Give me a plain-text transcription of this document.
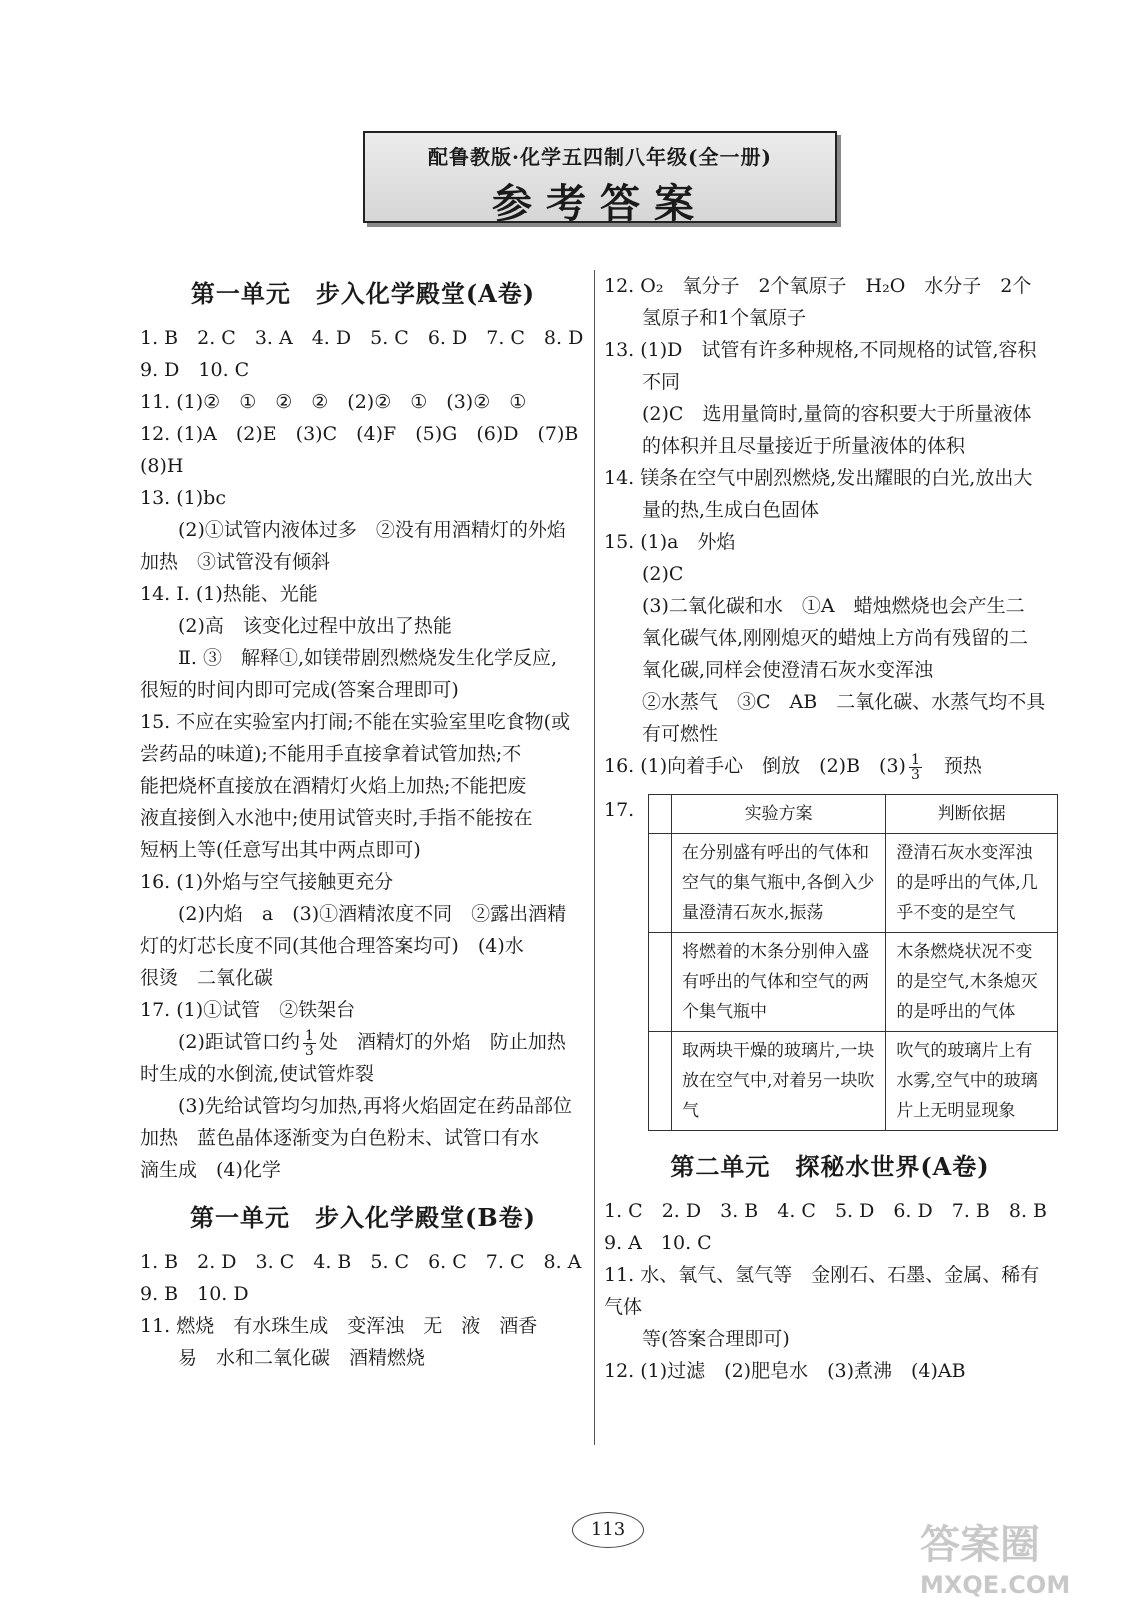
配鲁教版·化学五四制八年级(全一册)
参考答案
第一单元　步入化学殿堂(A卷)
1. B　2. C　3. A　4. D　5. C　6. D　7. C　8. D
9. D　10. C
11. (1)②　①　②　②　(2)②　①　(3)②　①
12. (1)A　(2)E　(3)C　(4)F　(5)G　(6)D　(7)B
(8)H
13. (1)bc
　　(2)①试管内液体过多　②没有用酒精灯的外焰
加热　③试管没有倾斜
14. Ⅰ. (1)热能、光能
　　(2)高　该变化过程中放出了热能
　　Ⅱ. ③　解释①,如镁带剧烈燃烧发生化学反应,
很短的时间内即可完成(答案合理即可)
15. 不应在实验室内打闹;不能在实验室里吃食物(或
尝药品的味道);不能用手直接拿着试管加热;不
能把烧杯直接放在酒精灯火焰上加热;不能把废
液直接倒入水池中;使用试管夹时,手指不能按在
短柄上等(任意写出其中两点即可)
16. (1)外焰与空气接触更充分
　　(2)内焰　a　(3)①酒精浓度不同　②露出酒精
灯的灯芯长度不同(其他合理答案均可)　(4)水
很烫　二氧化碳
17. (1)①试管　②铁架台
　　(2)距试管口约 $\frac{1}{3}$ 处　酒精灯的外焰　防止加热
时生成的水倒流,使试管炸裂
　　(3)先给试管均匀加热,再将火焰固定在药品部位
加热　蓝色晶体逐渐变为白色粉末、试管口有水
滴生成　(4)化学
第一单元　步入化学殿堂(B卷)
1. B　2. D　3. C　4. B　5. C　6. C　7. C　8. A
9. B　10. D
11. 燃烧　有水珠生成　变浑浊　无　液　酒香
　　易　水和二氧化碳　酒精燃烧
12. O₂　氧分子　2个氧原子　H₂O　水分子　2个
　　氢原子和1个氧原子
13. (1)D　试管有许多种规格,不同规格的试管,容积
　　不同
　　(2)C　选用量筒时,量筒的容积要大于所量液体
　　的体积并且尽量接近于所量液体的体积
14. 镁条在空气中剧烈燃烧,发出耀眼的白光,放出大
　　量的热,生成白色固体
15. (1)a　外焰
　　(2)C
　　(3)二氧化碳和水　①A　蜡烛燃烧也会产生二
　　氧化碳气体,刚刚熄灭的蜡烛上方尚有残留的二
　　氧化碳,同样会使澄清石灰水变浑浊
　　②水蒸气　③C　AB　二氧化碳、水蒸气均不具
　　有可燃性
16. (1)向着手心　倒放　(2)B　$(3) \frac{1}{3}$ 　预热
17.
		实验方案	判断依据
	在分别盛有呼出的气体和空气的集气瓶中,各倒入少量澄清石灰水,振荡	澄清石灰水变浑浊的是呼出的气体,几乎不变的是空气
	将燃着的木条分别伸入盛有呼出的气体和空气的两个集气瓶中	木条燃烧状况不变的是空气,木条熄灭的是呼出的气体
	取两块干燥的玻璃片,一块放在空气中,对着另一块吹气	吹气的玻璃片上有水雾,空气中的玻璃片上无明显现象
第二单元　探秘水世界(A卷)
1. C　2. D　3. B　4. C　5. D　6. D　7. B　8. B
9. A　10. C
11. 水、氧气、氢气等　金刚石、石墨、金属、稀有气体
　　等(答案合理即可)
12. (1)过滤　(2)肥皂水　(3)煮沸　(4)AB
113	答案圈
MXQE.COM
